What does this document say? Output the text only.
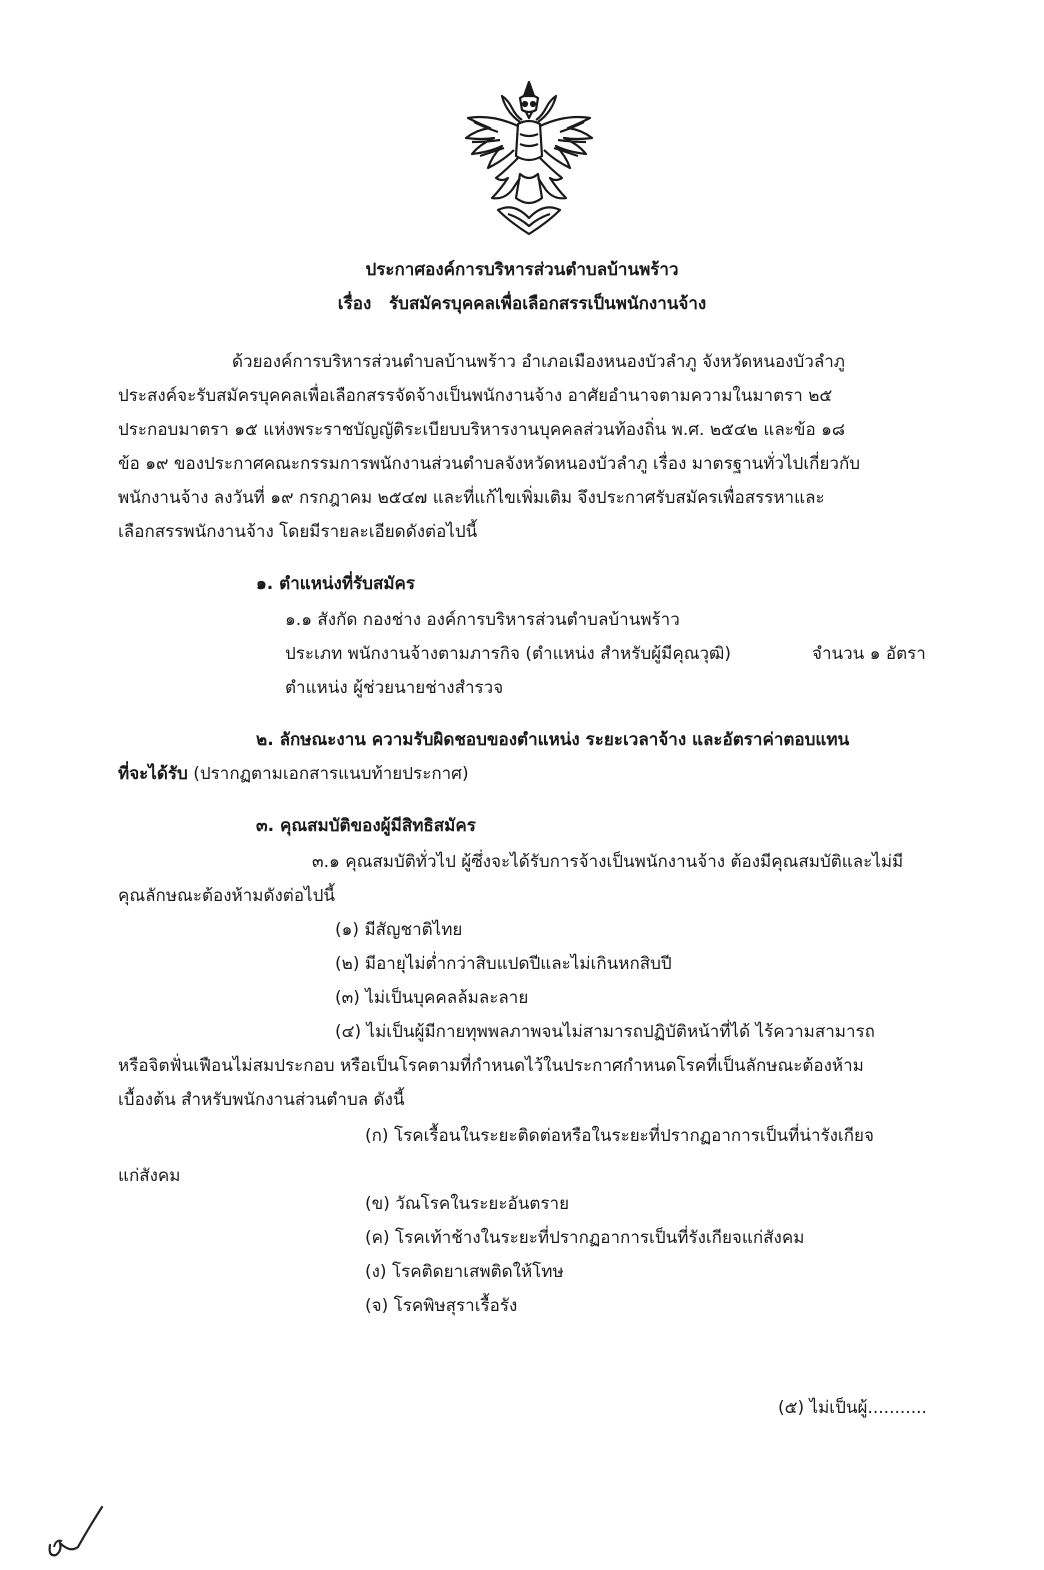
ประกาศองค์การบริหารส่วนตำบลบ้านพร้าว
เรื่อง รับสมัครบุคคลเพื่อเลือกสรรเป็นพนักงานจ้าง
ด้วยองค์การบริหารส่วนตำบลบ้านพร้าว อำเภอเมืองหนองบัวลำภู จังหวัดหนองบัวลำภู
ประสงค์จะรับสมัครบุคคลเพื่อเลือกสรรจัดจ้างเป็นพนักงานจ้าง อาศัยอำนาจตามความในมาตรา ๒๕
ประกอบมาตรา ๑๕ แห่งพระราชบัญญัติระเบียบบริหารงานบุคคลส่วนท้องถิ่น พ.ศ. ๒๕๔๒ และข้อ ๑๘
ข้อ ๑๙ ของประกาศคณะกรรมการพนักงานส่วนตำบลจังหวัดหนองบัวลำภู เรื่อง มาตรฐานทั่วไปเกี่ยวกับ
พนักงานจ้าง ลงวันที่ ๑๙ กรกฎาคม ๒๕๔๗ และที่แก้ไขเพิ่มเติม จึงประกาศรับสมัครเพื่อสรรหาและ
เลือกสรรพนักงานจ้าง โดยมีรายละเอียดดังต่อไปนี้
๑. ตำแหน่งที่รับสมัคร
๑.๑ สังกัด กองช่าง องค์การบริหารส่วนตำบลบ้านพร้าว
ประเภท พนักงานจ้างตามภารกิจ (ตำแหน่ง สำหรับผู้มีคุณวุฒิ)	จำนวน ๑ อัตรา
ตำแหน่ง ผู้ช่วยนายช่างสำรวจ
๒. ลักษณะงาน ความรับผิดชอบของตำแหน่ง ระยะเวลาจ้าง และอัตราค่าตอบแทน
ที่จะได้รับ (ปรากฏตามเอกสารแนบท้ายประกาศ)
๓. คุณสมบัติของผู้มีสิทธิสมัคร
๓.๑ คุณสมบัติทั่วไป ผู้ซึ่งจะได้รับการจ้างเป็นพนักงานจ้าง ต้องมีคุณสมบัติและไม่มี
คุณลักษณะต้องห้ามดังต่อไปนี้
(๑) มีสัญชาติไทย
(๒) มีอายุไม่ต่ำกว่าสิบแปดปีและไม่เกินหกสิบปี
(๓) ไม่เป็นบุคคลล้มละลาย
(๔) ไม่เป็นผู้มีกายทุพพลภาพจนไม่สามารถปฏิบัติหน้าที่ได้ ไร้ความสามารถ
หรือจิตฟั่นเฟือนไม่สมประกอบ หรือเป็นโรคตามที่กำหนดไว้ในประกาศกำหนดโรคที่เป็นลักษณะต้องห้าม
เบื้องต้น สำหรับพนักงานส่วนตำบล ดังนี้
(ก) โรคเรื้อนในระยะติดต่อหรือในระยะที่ปรากฏอาการเป็นที่น่ารังเกียจ
แก่สังคม
(ข) วัณโรคในระยะอันตราย
(ค) โรคเท้าช้างในระยะที่ปรากฏอาการเป็นที่รังเกียจแก่สังคม
(ง) โรคติดยาเสพติดให้โทษ
(จ) โรคพิษสุราเรื้อรัง
(๕) ไม่เป็นผู้...........
